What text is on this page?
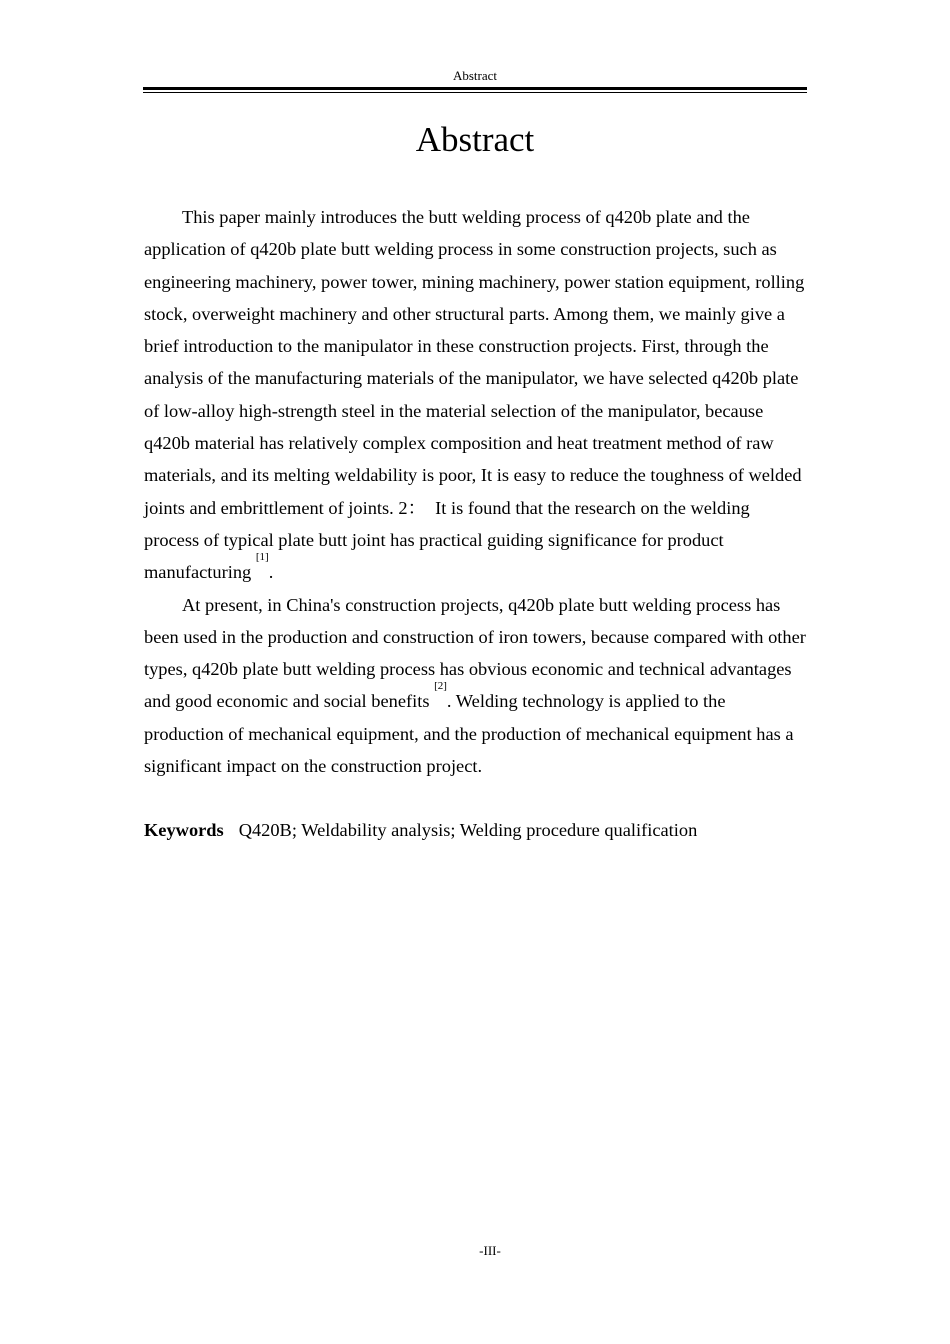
Abstract
Abstract

This paper mainly introduces the butt welding process of q420b plate and the application of q420b plate butt welding process in some construction projects, such as engineering machinery, power tower, mining machinery, power station equipment, rolling stock, overweight machinery and other structural parts. Among them, we mainly give a brief introduction to the manipulator in these construction projects. First, through the analysis of the manufacturing materials of the manipulator, we have selected q420b plate of low-alloy high-strength steel in the material selection of the manipulator, because q420b material has relatively complex composition and heat treatment method of raw materials, and its melting weldability is poor, It is easy to reduce the toughness of welded joints and embrittlement of joints. 2：  It is found that the research on the welding process of typical plate butt joint has practical guiding significance for product manufacturing [1].

At present, in China's construction projects, q420b plate butt welding process has been used in the production and construction of iron towers, because compared with other types, q420b plate butt welding process has obvious economic and technical advantages and good economic and social benefits [2]. Welding technology is applied to the production of mechanical equipment, and the production of mechanical equipment has a significant impact on the construction project.

Keywords Q420B; Weldability analysis; Welding procedure qualification
-III-
